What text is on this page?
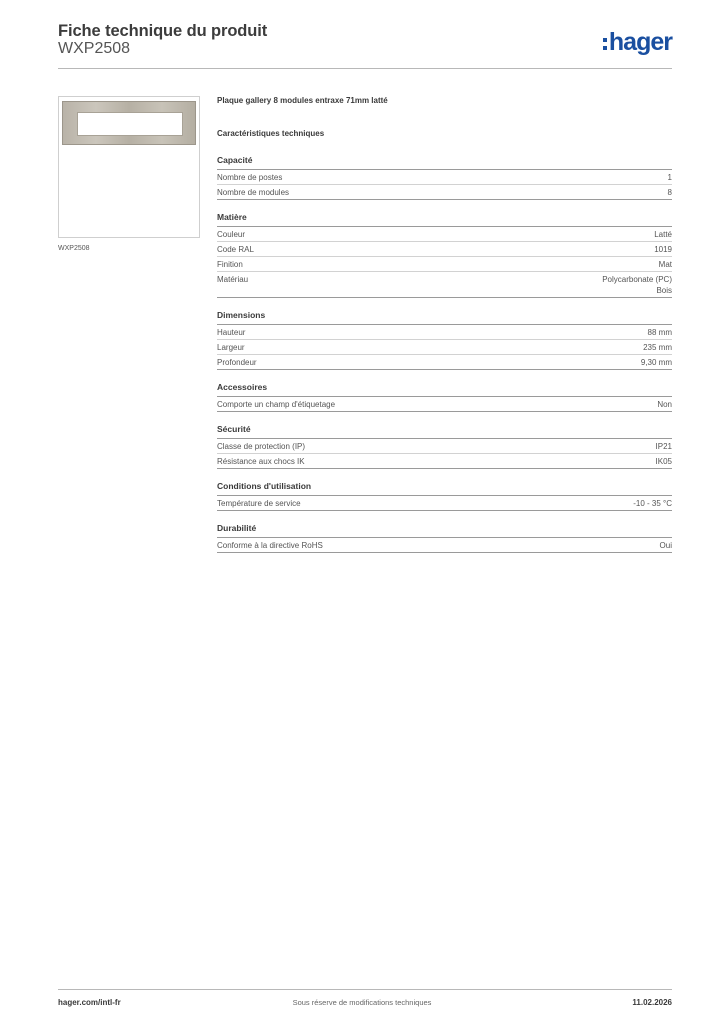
Fiche technique du produit
WXP2508	hager
WXP2508
Plaque gallery 8 modules entraxe 71mm latté
Caractéristiques techniques
Capacité
Nombre de postes	1
Nombre de modules	8
Matière
Couleur	Latté
Code RAL	1019
Finition	Mat
Matériau	Polycarbonate (PC)
Bois
Dimensions
Hauteur	88 mm
Largeur	235 mm
Profondeur	9,30 mm
Accessoires
Comporte un champ d'étiquetage	Non
Sécurité
Classe de protection (IP)	IP21
Résistance aux chocs IK	IK05
Conditions d'utilisation
Température de service	-10 - 35 °C
Durabilité
Conforme à la directive RoHS	Oui
hager.com/intl-fr	Sous réserve de modifications techniques	11.02.2026
